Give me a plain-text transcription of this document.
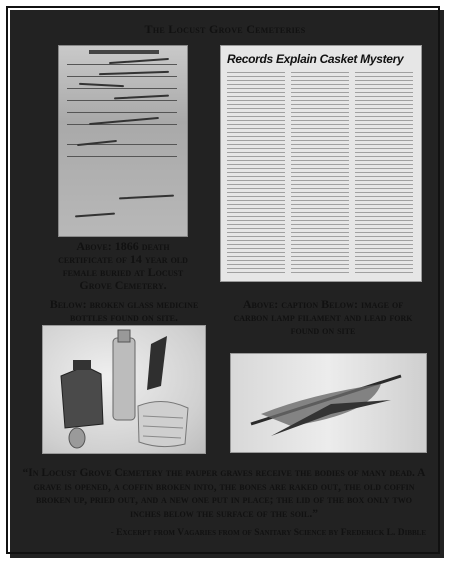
The Locust Grove Cemeteries
Records Explain Casket Mystery
Above: 1866 death certificate of 14 year old female buried at Locust Grove Cemetery.
Below: broken glass medicine bottles found on site.
Above: caption Below: image of carbon lamp filament and lead fork found on site
“In Locust Grove Cemetery the pauper graves receive the bodies of many dead. A grave is opened, a coffin broken into, the bones are raked out, the old coffin broken up, pried out, and a new one put in place; the lid of the box only two inches below the surface of the soil.”
- Excerpt from Vagaries from of Sanitary Science by Frederick L. Dibble
